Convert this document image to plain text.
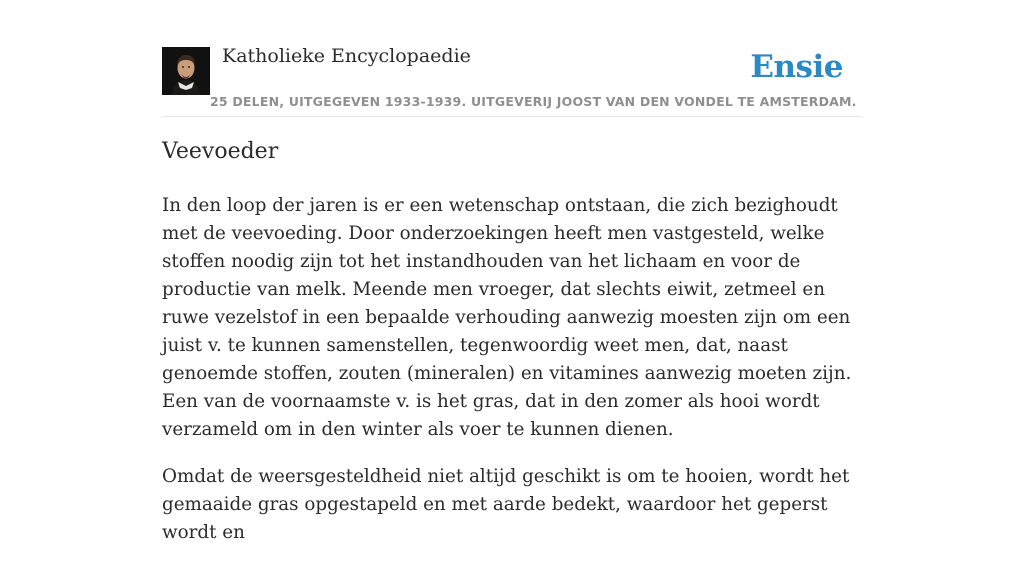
Katholieke Encyclopaedie
25 DELEN, UITGEGEVEN 1933-1939. UITGEVERIJ JOOST VAN DEN VONDEL TE AMSTERDAM.
Ensie
Veevoeder

In den loop der jaren is er een wetenschap ontstaan, die zich bezighoudt met de veevoeding. Door onderzoekingen heeft men vastgesteld, welke stoffen noodig zijn tot het instandhouden van het lichaam en voor de productie van melk. Meende men vroeger, dat slechts eiwit, zetmeel en ruwe vezelstof in een bepaalde verhouding aanwezig moesten zijn om een juist v. te kunnen samenstellen, tegenwoordig weet men, dat, naast genoemde stoffen, zouten (mineralen) en vitamines aanwezig moeten zijn. Een van de voornaamste v. is het gras, dat in den zomer als hooi wordt verzameld om in den winter als voer te kunnen dienen.

Omdat de weersgesteldheid niet altijd geschikt is om te hooien, wordt het gemaaide gras opgestapeld en met aarde bedekt, waardoor het geperst wordt en
